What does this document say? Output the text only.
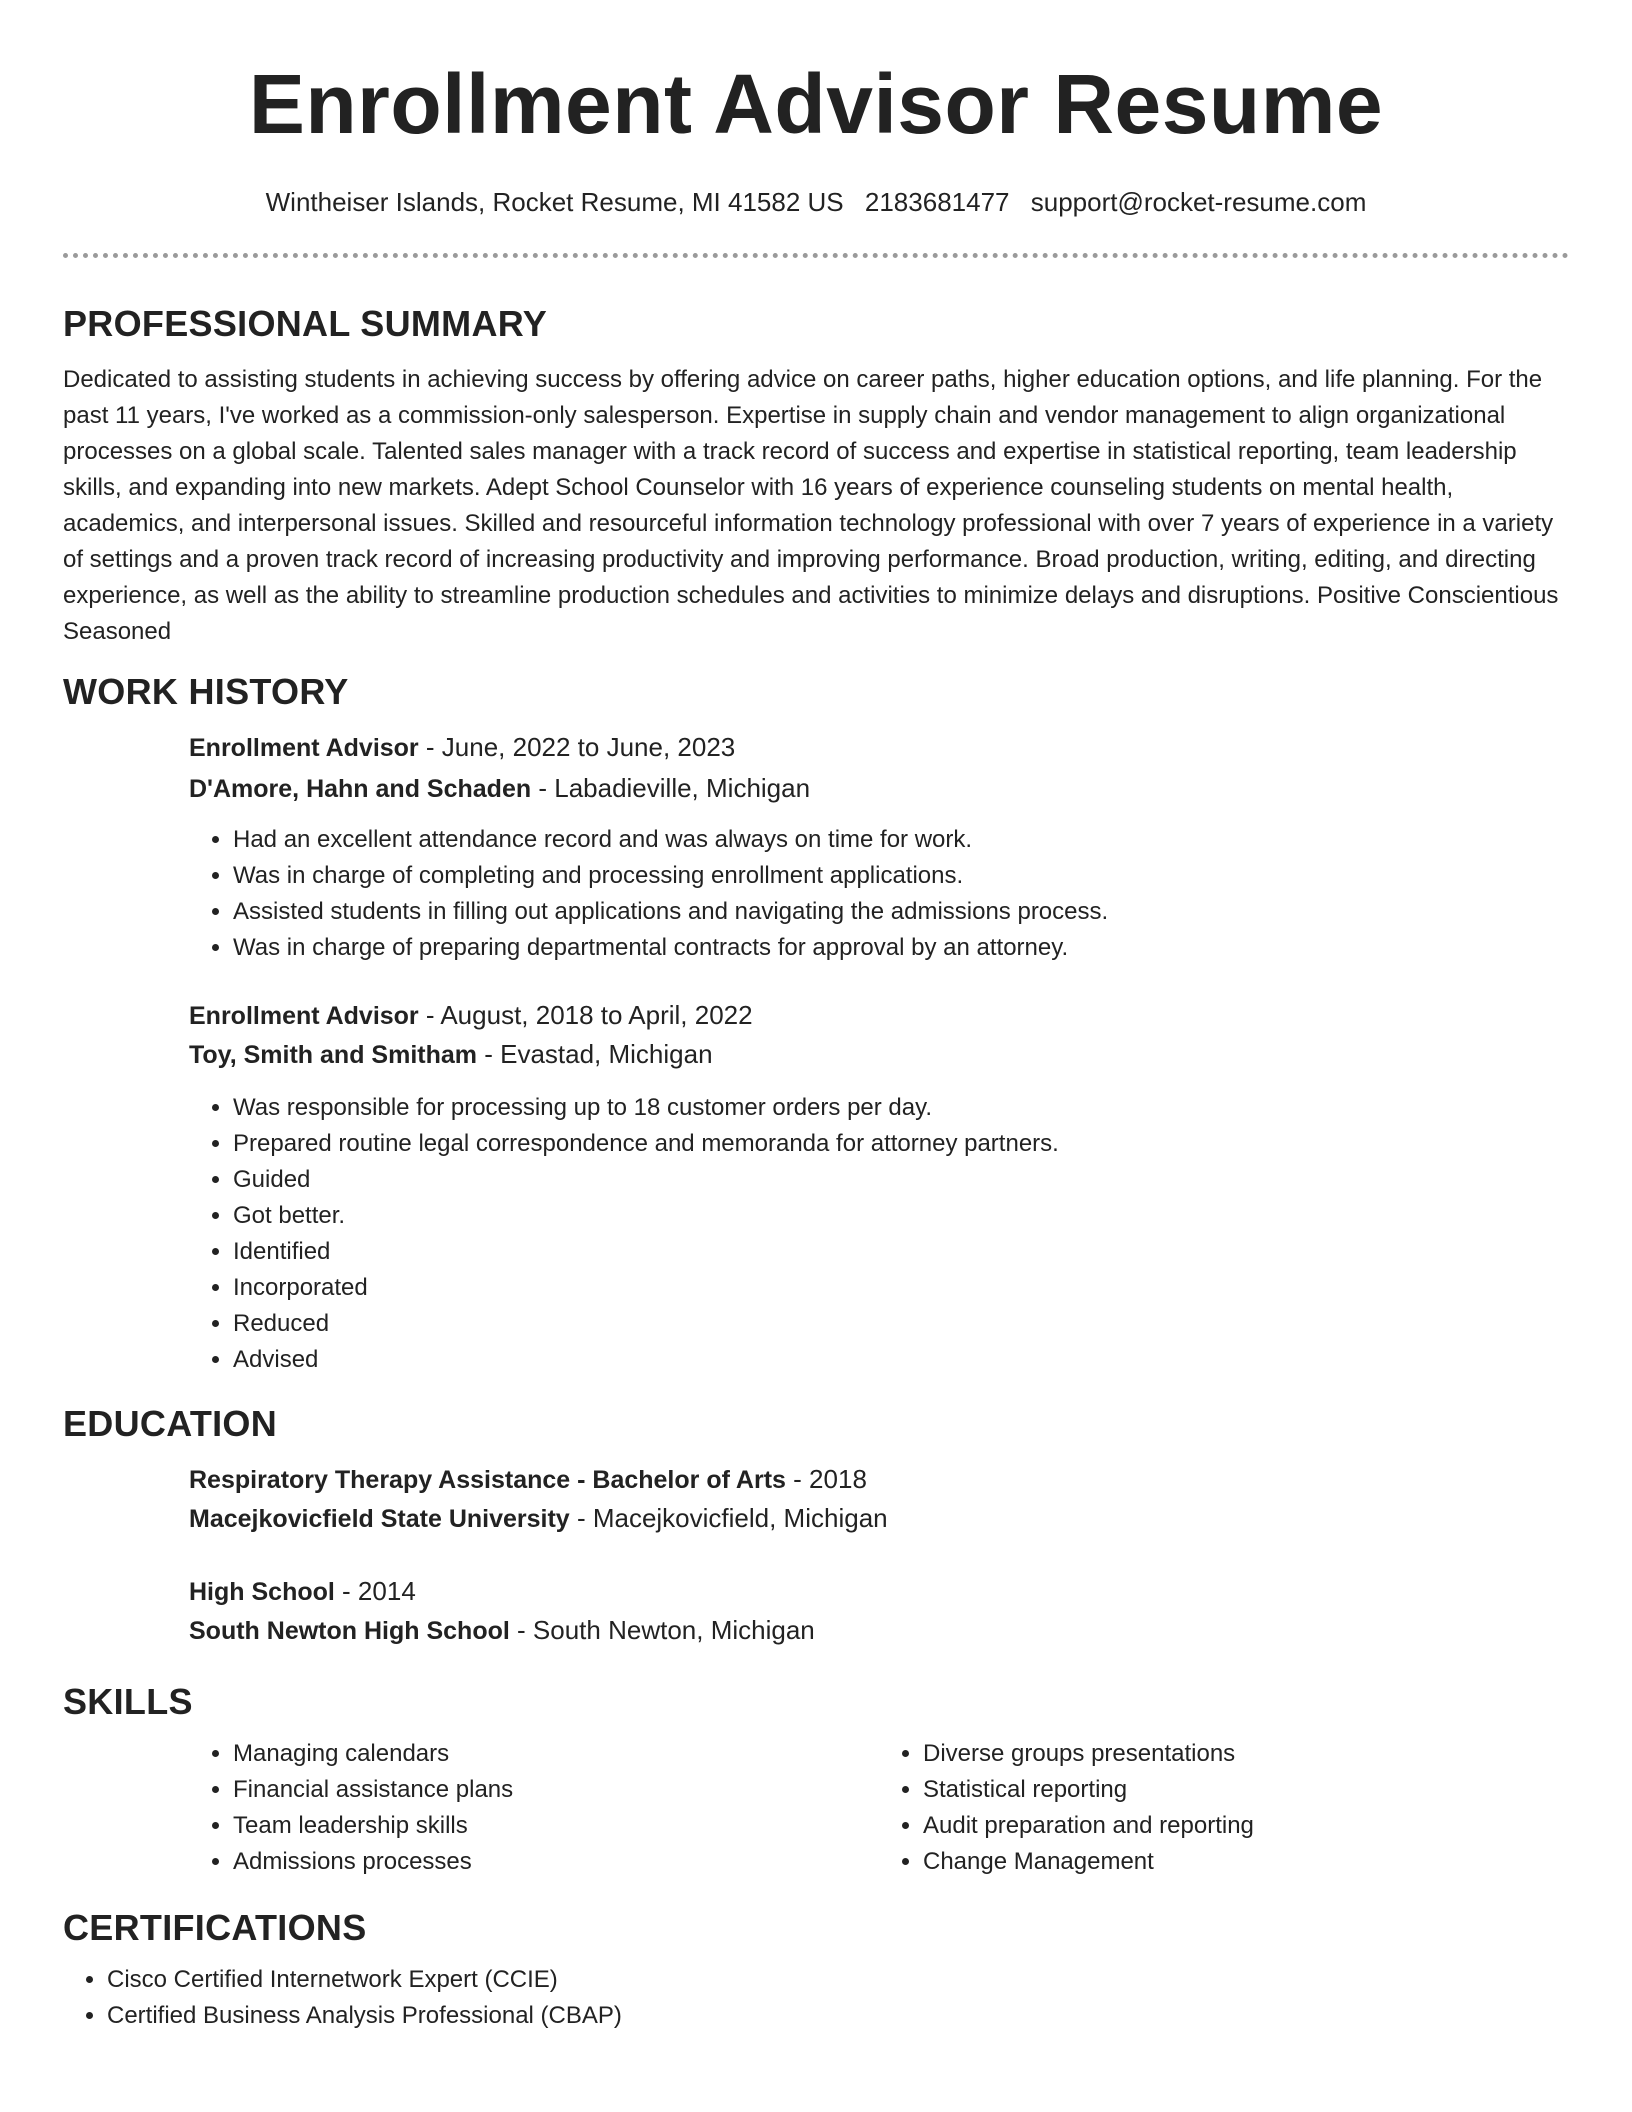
Enrollment Advisor Resume
Wintheiser Islands, Rocket Resume, MI 41582 US 2183681477 support@rocket-resume.com
PROFESSIONAL SUMMARY

Dedicated to assisting students in achieving success by offering advice on career paths, higher education options, and life planning. For the past 11 years, I've worked as a commission-only salesperson. Expertise in supply chain and vendor management to align organizational processes on a global scale. Talented sales manager with a track record of success and expertise in statistical reporting, team leadership skills, and expanding into new markets. Adept School Counselor with 16 years of experience counseling students on mental health, academics, and interpersonal issues. Skilled and resourceful information technology professional with over 7 years of experience in a variety of settings and a proven track record of increasing productivity and improving performance. Broad production, writing, editing, and directing experience, as well as the ability to streamline production schedules and activities to minimize delays and disruptions. Positive Conscientious Seasoned

WORK HISTORY
Enrollment Advisor - June, 2022 to June, 2023
D'Amore, Hahn and Schaden - Labadieville, Michigan
• Had an excellent attendance record and was always on time for work.
• Was in charge of completing and processing enrollment applications.
• Assisted students in filling out applications and navigating the admissions process.
• Was in charge of preparing departmental contracts for approval by an attorney.
Enrollment Advisor - August, 2018 to April, 2022
Toy, Smith and Smitham - Evastad, Michigan
• Was responsible for processing up to 18 customer orders per day.
• Prepared routine legal correspondence and memoranda for attorney partners.
• Guided
• Got better.
• Identified
• Incorporated
• Reduced
• Advised
EDUCATION
Respiratory Therapy Assistance - Bachelor of Arts - 2018
Macejkovicfield State University - Macejkovicfield, Michigan
High School - 2014
South Newton High School - South Newton, Michigan
SKILLS
• Managing calendars
• Financial assistance plans
• Team leadership skills
• Admissions processes
• Diverse groups presentations
• Statistical reporting
• Audit preparation and reporting
• Change Management
CERTIFICATIONS
• Cisco Certified Internetwork Expert (CCIE)
• Certified Business Analysis Professional (CBAP)
